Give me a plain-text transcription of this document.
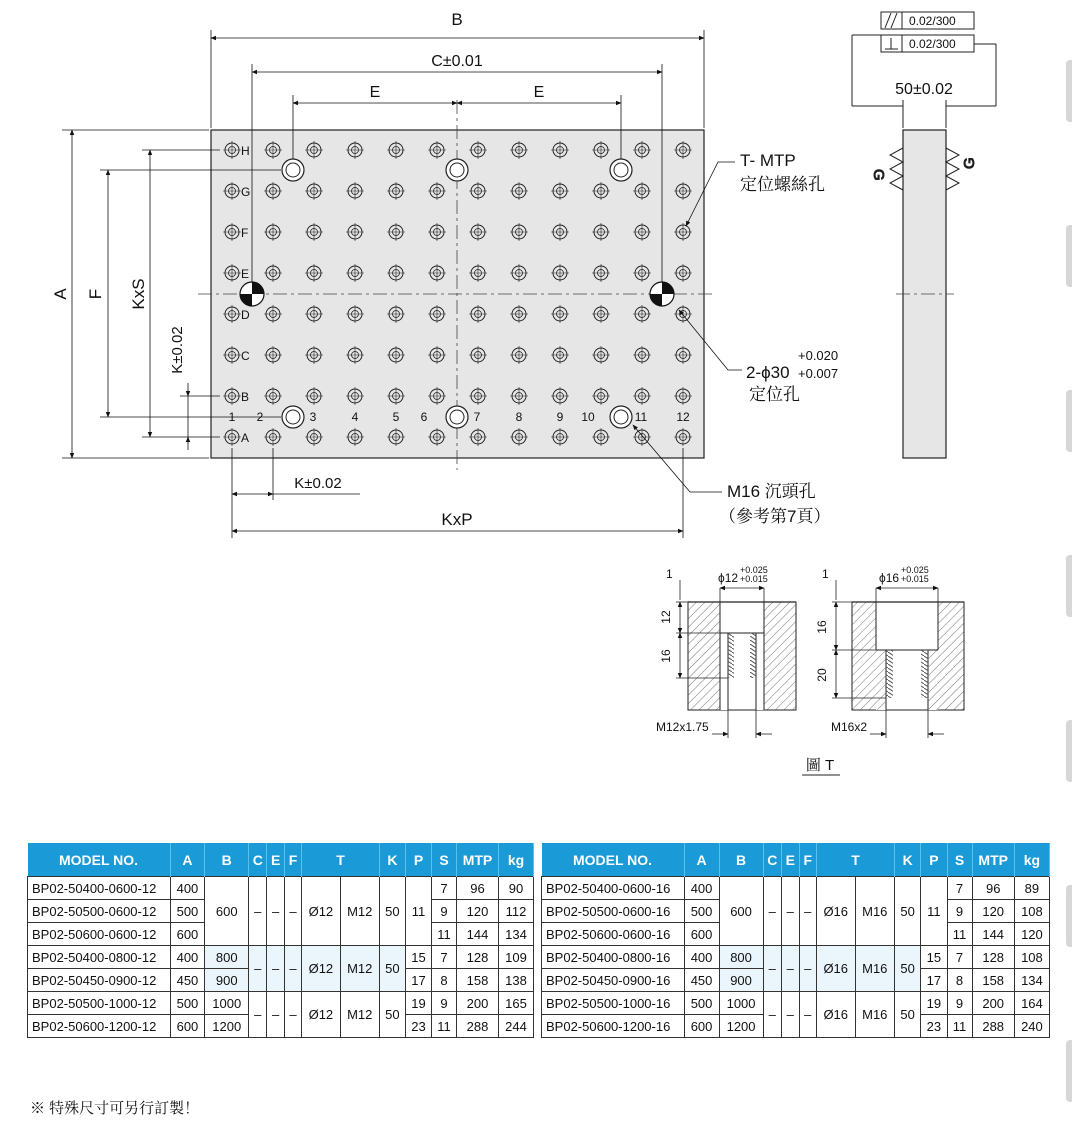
H
G
F
E
D
C
B
A
1 2	3	4	5 6	7	8	9 10	11 12
B
C±0.01
E	E
A F KxS
K±0.02
K±0.02
KxP
T- MTP
定位螺絲孔
+0.020
2-ϕ30 +0.007
定位孔
M16 沉頭孔
（參考第7頁）
0.02/300
0.02/300
50±0.02
G
G
1
12
16
ϕ12
+0.025
+0.015
M12x1.75
1
16
20
ϕ16
+0.025
+0.015
M16x2
圖 T
MODEL NO.	A	B	C	E	F	T		K	P	S	MTP	kg
BP02-50400-0600-12	400	600	–	–	–	Ø12	M12	50	11	7	96	90
BP02-50500-0600-12	500									9	120	112
BP02-50600-0600-12	600									11	144	134
BP02-50400-0800-12	400	800	–	–	–	Ø12	M12	50	15	7	128	109
BP02-50450-0900-12	450	900							17	8	158	138
BP02-50500-1000-12	500	1000	–	–	–	Ø12	M12	50	19	9	200	165
BP02-50600-1200-12	600	1200							23	11	288	244
MODEL NO.	A	B	C	E	F	T		K	P	S	MTP	kg
BP02-50400-0600-16	400	600	–	–	–	Ø16	M16	50	11	7	96	89
BP02-50500-0600-16	500									9	120	108
BP02-50600-0600-16	600									11	144	120
BP02-50400-0800-16	400	800	–	–	–	Ø16	M16	50	15	7	128	108
BP02-50450-0900-16	450	900							17	8	158	134
BP02-50500-1000-16	500	1000	–	–	–	Ø16	M16	50	19	9	200	164
BP02-50600-1200-16	600	1200							23	11	288	240
※ 特殊尺寸可另行訂製！
